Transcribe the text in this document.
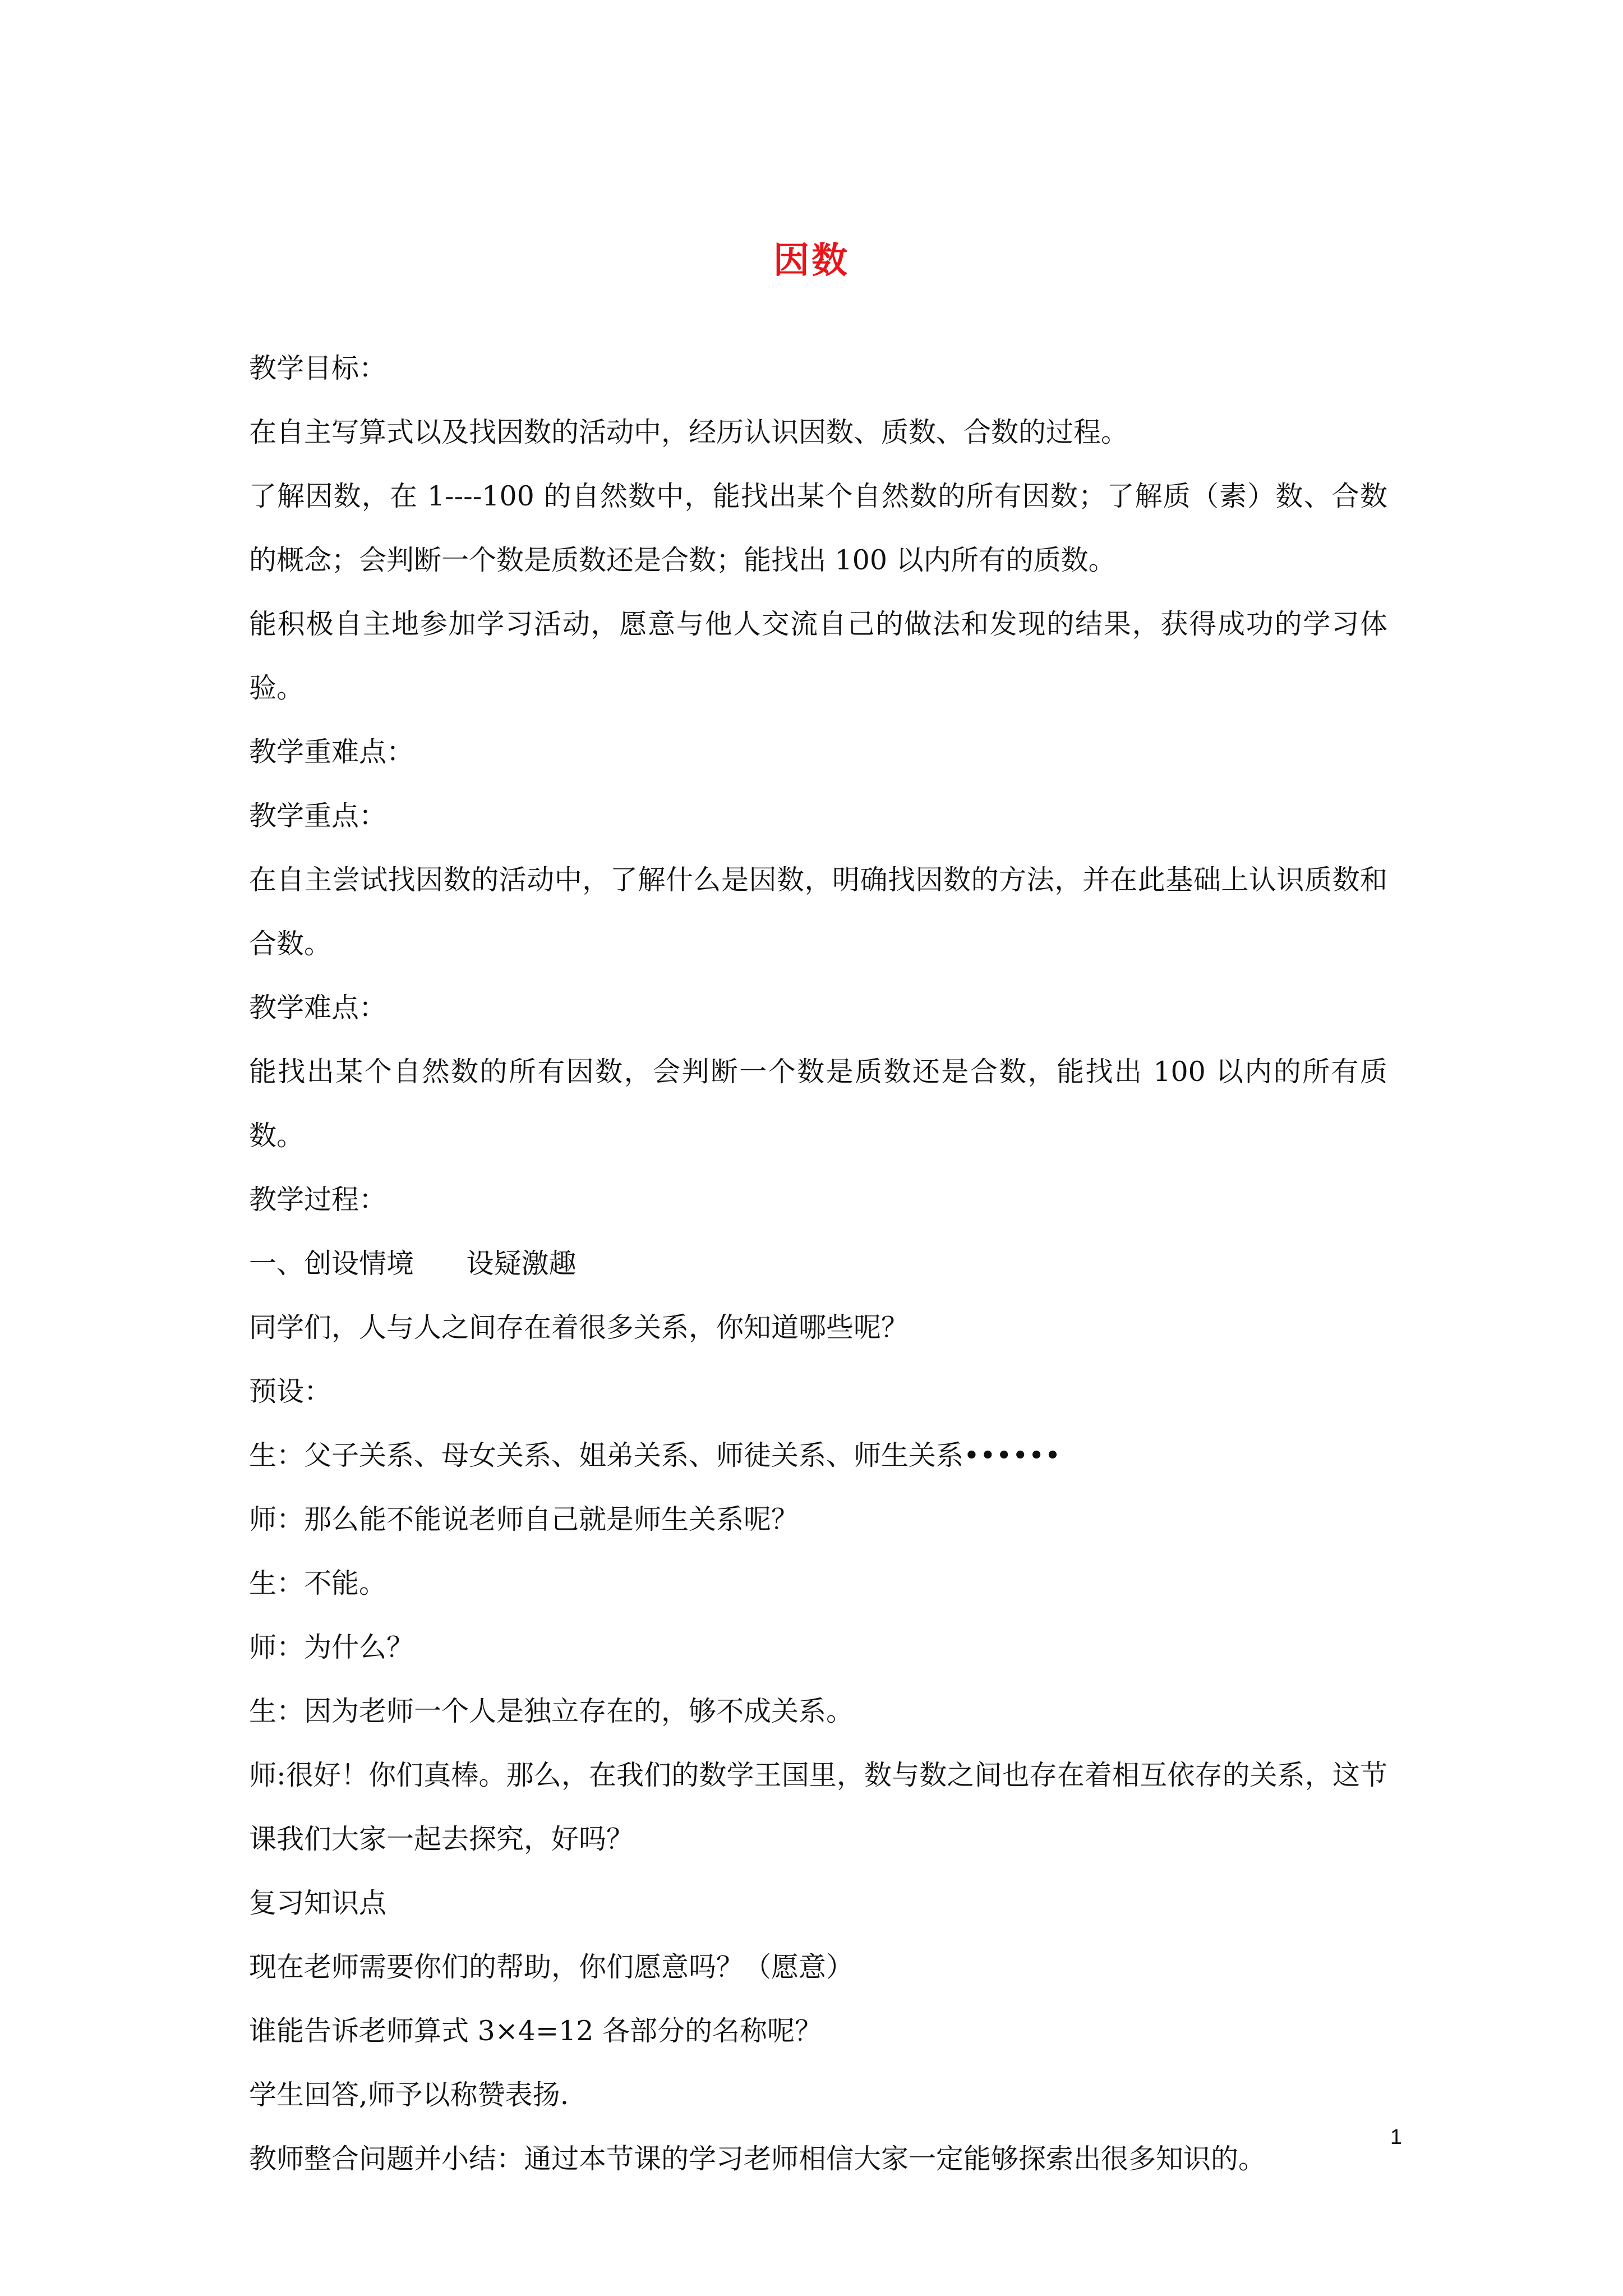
因数

教学目标：

在自主写算式以及找因数的活动中，经历认识因数、质数、合数的过程。

了解因数，在 1----100 的自然数中，能找出某个自然数的所有因数；了解质（素）数、合数的概念；会判断一个数是质数还是合数；能找出 100 以内所有的质数。

能积极自主地参加学习活动，愿意与他人交流自己的做法和发现的结果，获得成功的学习体验。

教学重难点：

教学重点：

在自主尝试找因数的活动中，了解什么是因数，明确找因数的方法，并在此基础上认识质数和合数。

教学难点：

能找出某个自然数的所有因数，会判断一个数是质数还是合数，能找出 100 以内的所有质数。

教学过程：

一、创设情境      设疑激趣

同学们，人与人之间存在着很多关系，你知道哪些呢？

预设：

生：父子关系、母女关系、姐弟关系、师徒关系、师生关系••••••

师：那么能不能说老师自己就是师生关系呢？

生：不能。

师：为什么？

生：因为老师一个人是独立存在的，够不成关系。

师:很好！你们真棒。那么，在我们的数学王国里，数与数之间也存在着相互依存的关系，这节课我们大家一起去探究，好吗？

复习知识点

现在老师需要你们的帮助，你们愿意吗？（愿意）

谁能告诉老师算式 3×4=12 各部分的名称呢？

学生回答,师予以称赞表扬.

教师整合问题并小结：通过本节课的学习老师相信大家一定能够探索出很多知识的。

1
